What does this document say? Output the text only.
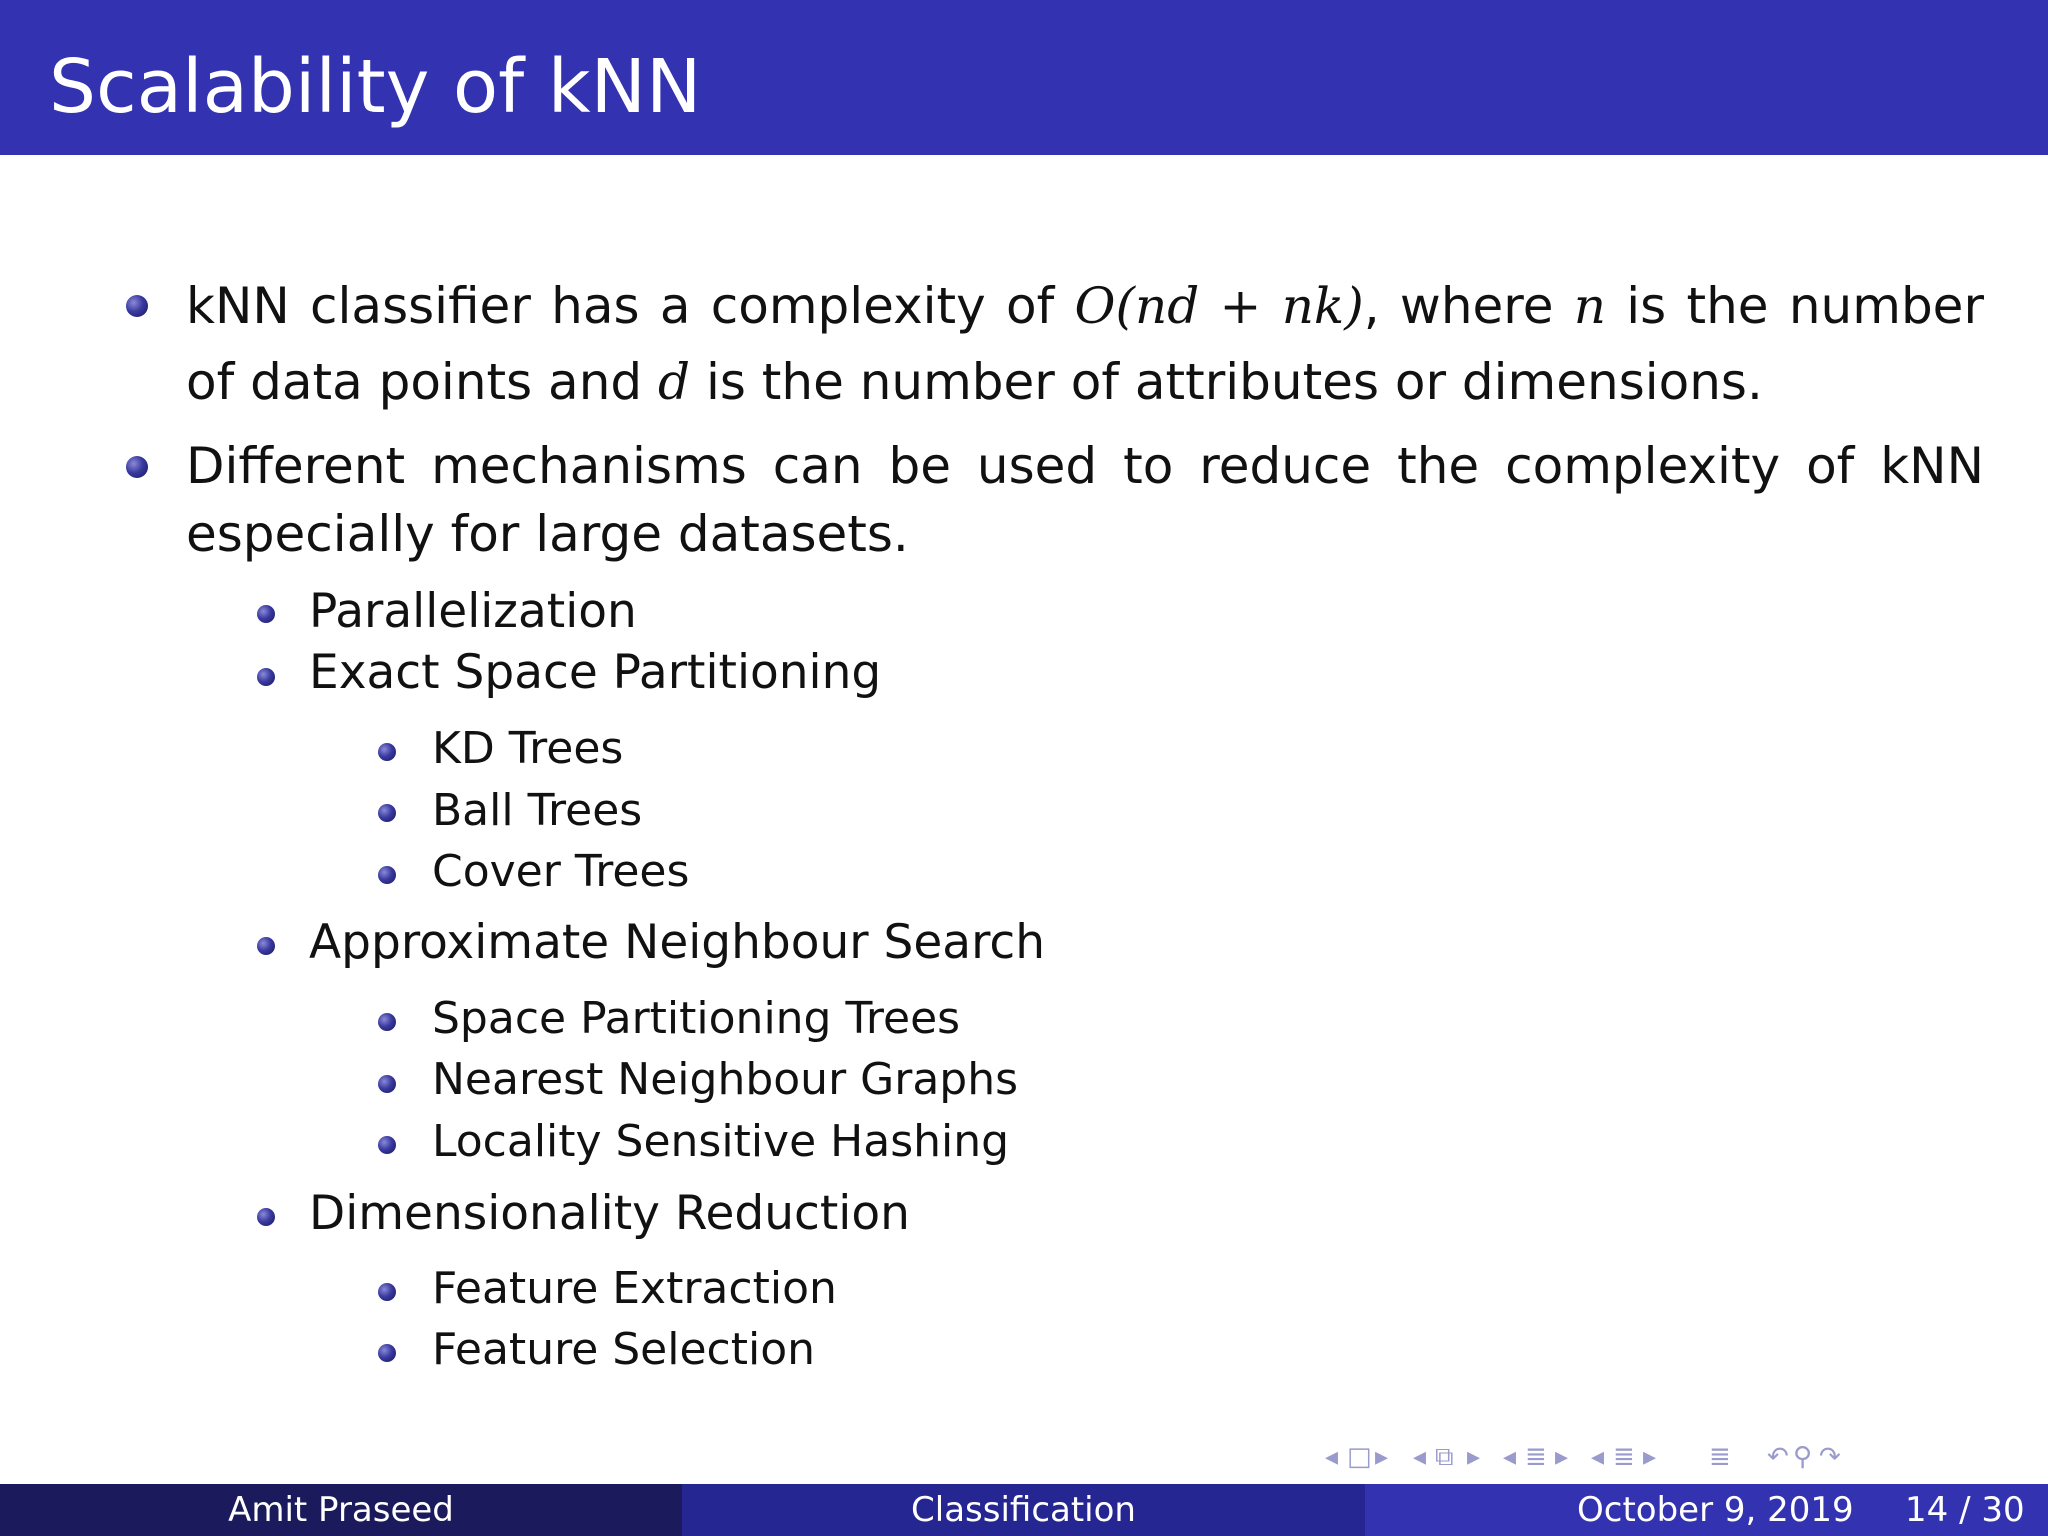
Scalability of kNN
kNN classifier has a complexity of O(nd + nk), where n is the number
of data points and d is the number of attributes or dimensions.
Different mechanisms can be used to reduce the complexity of kNN
especially for large datasets.
Parallelization
Exact Space Partitioning
KD Trees
Ball Trees
Cover Trees
Approximate Neighbour Search
Space Partitioning Trees
Nearest Neighbour Graphs
Locality Sensitive Hashing
Dimensionality Reduction
Feature Extraction
Feature Selection
◂ □ ▸ ◂ ⧉ ▸ ◂ ≣ ▸ ◂ ≣ ▸ ≣ ↶ ⚲ ↷
Amit Praseed	Classification	October 9, 2019 14 / 30
